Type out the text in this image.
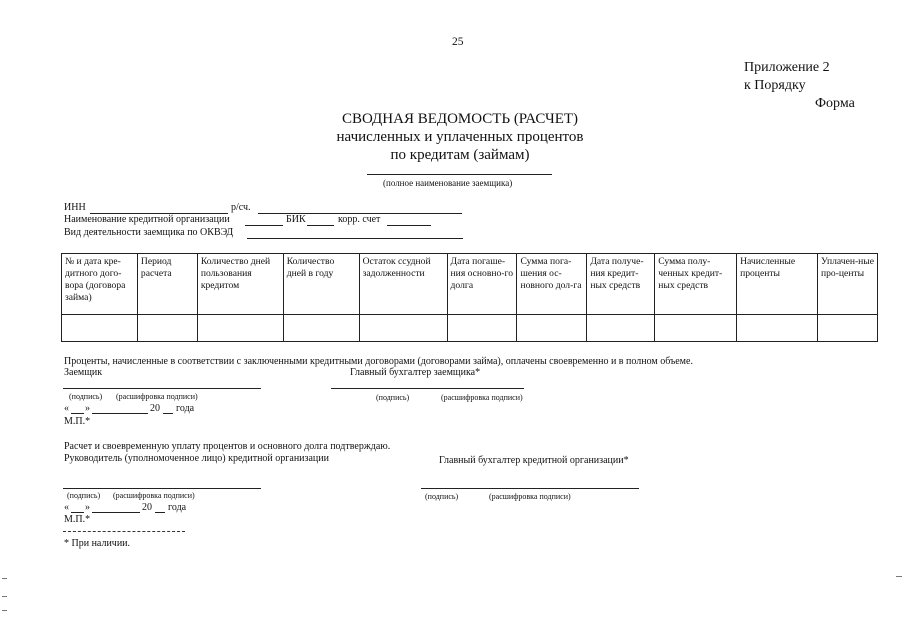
25
Приложение 2
к Порядку
Форма
СВОДНАЯ ВЕДОМОСТЬ (РАСЧЕТ)
начисленных и уплаченных процентов
по кредитам (займам)
(полное наименование заемщика)
ИНН	р/сч.
Наименование кредитной организации	БИК	корр. счет
Вид деятельности заемщика по ОКВЭД
№ и дата кре-дитного дого-вора (договора займа)	Период расчета	Количество дней пользования кредитом	Количество дней в году	Остаток ссудной задолженности	Дата погаше-ния основно-го долга	Сумма пога-шения ос-новного дол-га	Дата получе-ния кредит-ных средств	Сумма полу-ченных кредит-ных средств	Начисленные проценты	Уплачен-ные про-центы

Проценты, начисленные в соответствии с заключенными кредитными договорами (договорами займа), оплачены своевременно и в полном объеме.
Заемщик	Главный бухгалтер заемщика*
(подпись) (расшифровка подписи)	(подпись)	(расшифровка подписи)
« »	20 года
М.П.*
Расчет и своевременную уплату процентов и основного долга подтверждаю.
Руководитель (уполномоченное лицо) кредитной организации	Главный бухгалтер кредитной организации*
(подпись) (расшифровка подписи)	(подпись)	(расшифровка подписи)
« »	20 года
М.П.*
* При наличии.
